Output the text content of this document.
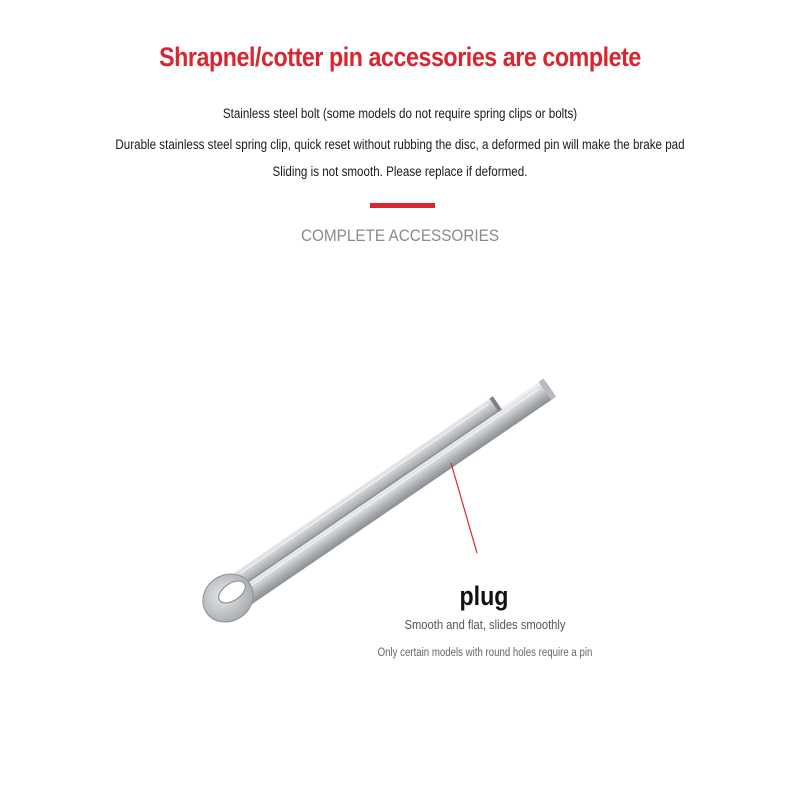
Shrapnel/cotter pin accessories are complete

Stainless steel bolt (some models do not require spring clips or bolts)

Durable stainless steel spring clip, quick reset without rubbing the disc, a deformed pin will make the brake pad

Sliding is not smooth. Please replace if deformed.

COMPLETE ACCESSORIES

plug
Smooth and flat, slides smoothly
Only certain models with round holes require a pin
